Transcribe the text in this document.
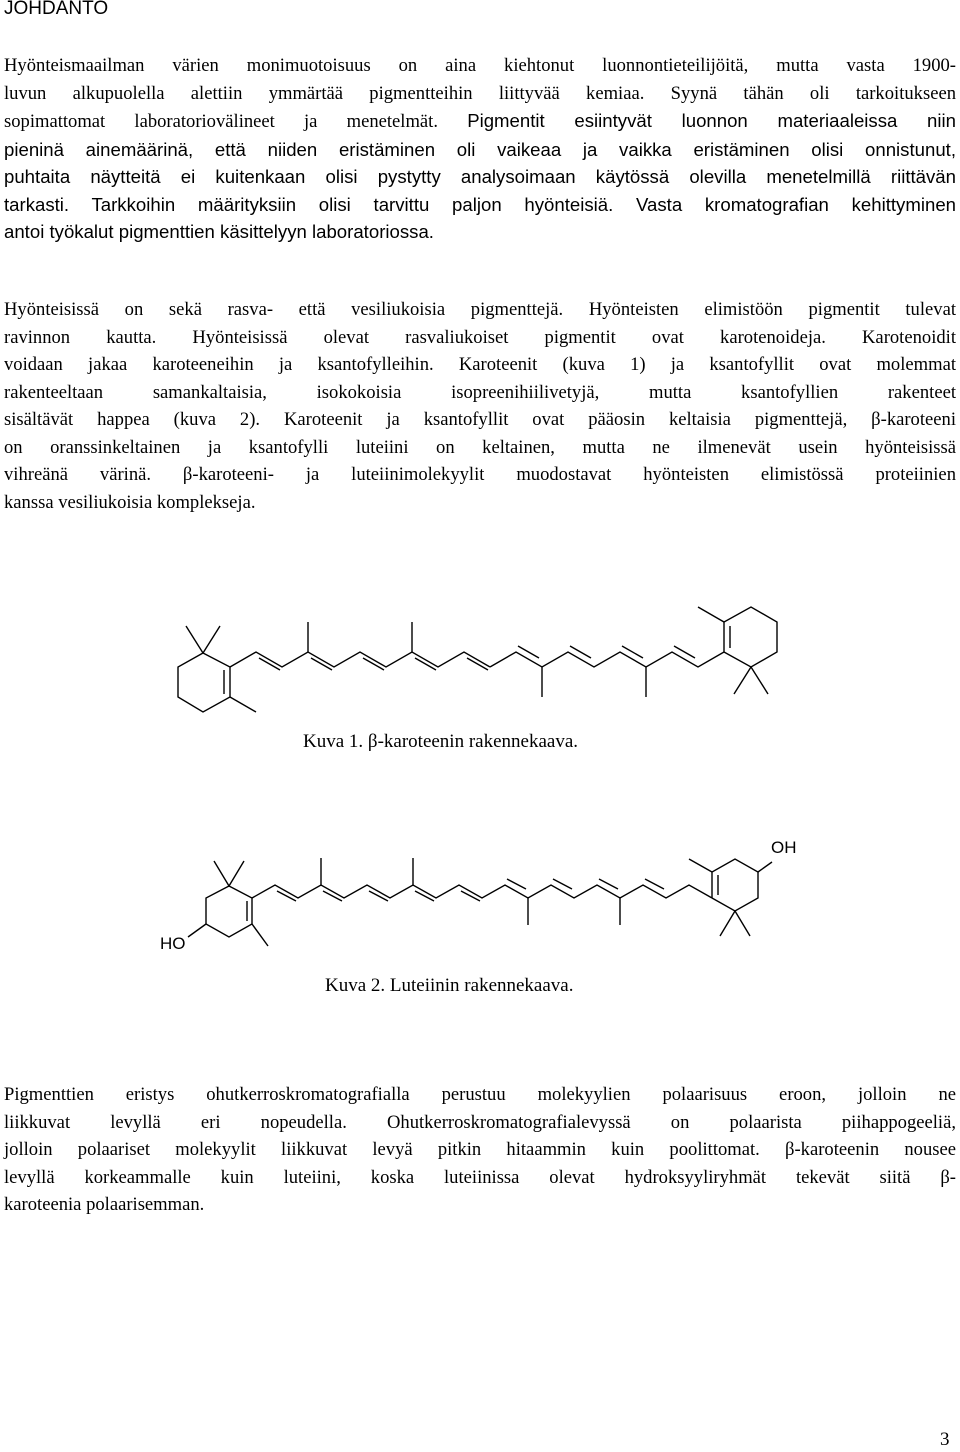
JOHDANTO
Hyönteismaailman värien monimuotoisuus on aina kiehtonut luonnontieteilijöitä, mutta vasta 1900-
luvun alkupuolella alettiin ymmärtää pigmentteihin liittyvää kemiaa. Syynä tähän oli tarkoitukseen
sopimattomat laboratoriovälineet ja menetelmät. Pigmentit esiintyvät luonnon materiaaleissa niin
pieninä ainemäärinä, että niiden eristäminen oli vaikeaa ja vaikka eristäminen olisi onnistunut,
puhtaita näytteitä ei kuitenkaan olisi pystytty analysoimaan käytössä olevilla menetelmillä riittävän
tarkasti. Tarkkoihin määrityksiin olisi tarvittu paljon hyönteisiä. Vasta kromatografian kehittyminen
antoi työkalut pigmenttien käsittelyyn laboratoriossa.
Hyönteisissä on sekä rasva- että vesiliukoisia pigmenttejä. Hyönteisten elimistöön pigmentit tulevat
ravinnon kautta. Hyönteisissä olevat rasvaliukoiset pigmentit ovat karotenoideja. Karotenoidit
voidaan jakaa karoteeneihin ja ksantofylleihin. Karoteenit (kuva 1) ja ksantofyllit ovat molemmat
rakenteeltaan samankaltaisia, isokokoisia isopreenihiilivetyjä, mutta ksantofyllien rakenteet
sisältävät happea (kuva 2). Karoteenit ja ksantofyllit ovat pääosin keltaisia pigmenttejä, β-karoteeni
on oranssinkeltainen ja ksantofylli luteiini on keltainen, mutta ne ilmenevät usein hyönteisissä
vihreänä värinä. β-karoteeni- ja luteiinimolekyylit muodostavat hyönteisten elimistössä proteiinien
kanssa vesiliukoisia komplekseja.

Kuva 1. β-karoteenin rakennekaava.

OH
HO

Kuva 2. Luteiinin rakennekaava.

Pigmenttien eristys ohutkerroskromatografialla perustuu molekyylien polaarisuus eroon, jolloin ne
liikkuvat levyllä eri nopeudella. Ohutkerroskromatografialevyssä on polaarista piihappogeeliä,
jolloin polaariset molekyylit liikkuvat levyä pitkin hitaammin kuin poolittomat. β-karoteenin nousee
levyllä korkeammalle kuin luteiini, koska luteiinissa olevat hydroksyyliryhmät tekevät siitä β-
karoteenia polaarisemman.
3
